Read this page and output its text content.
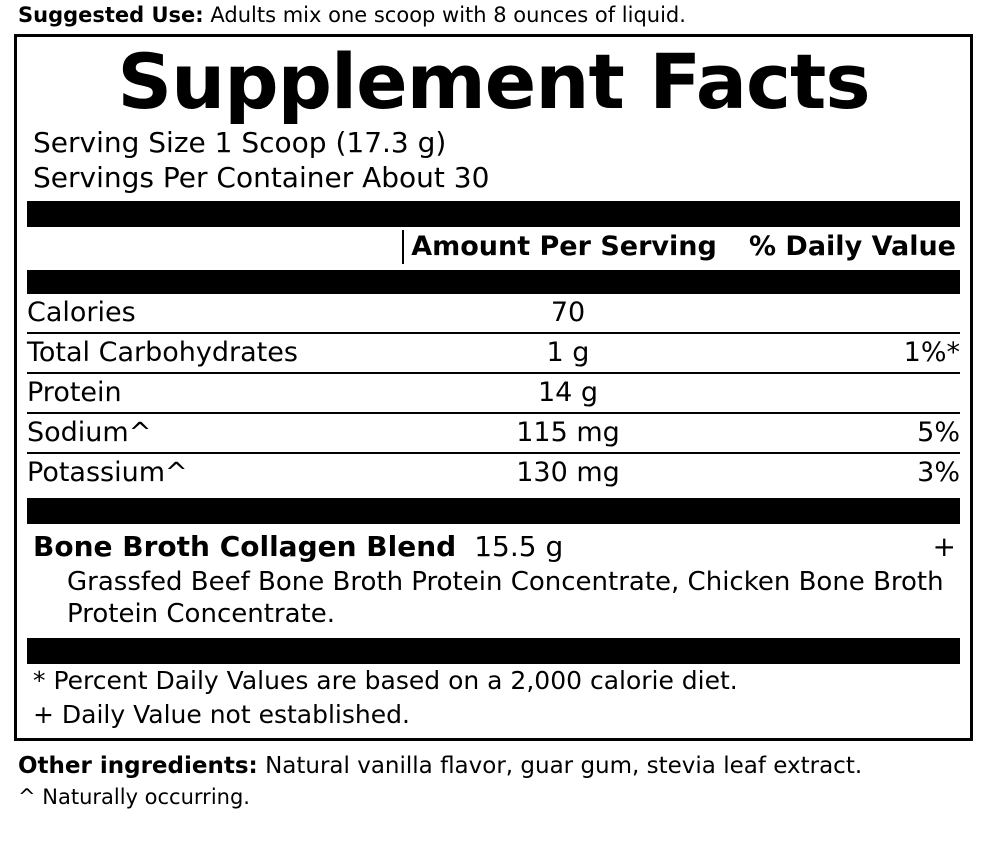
Suggested Use: Adults mix one scoop with 8 ounces of liquid.
Supplement Facts
Serving Size 1 Scoop (17.3 g)
Servings Per Container About 30
Amount Per Serving	% Daily Value
Calories	70	
Total Carbohydrates	1 g	1%*
Protein	14 g	
Sodium^	115 mg	5%
Potassium^	130 mg	3%
Bone Broth Collagen Blend 15.5 g	+
Grassfed Beef Bone Broth Protein Concentrate, Chicken Bone Broth Protein Concentrate.
* Percent Daily Values are based on a 2,000 calorie diet.
+ Daily Value not established.
Other ingredients: Natural vanilla flavor, guar gum, stevia leaf extract.
^ Naturally occurring.
